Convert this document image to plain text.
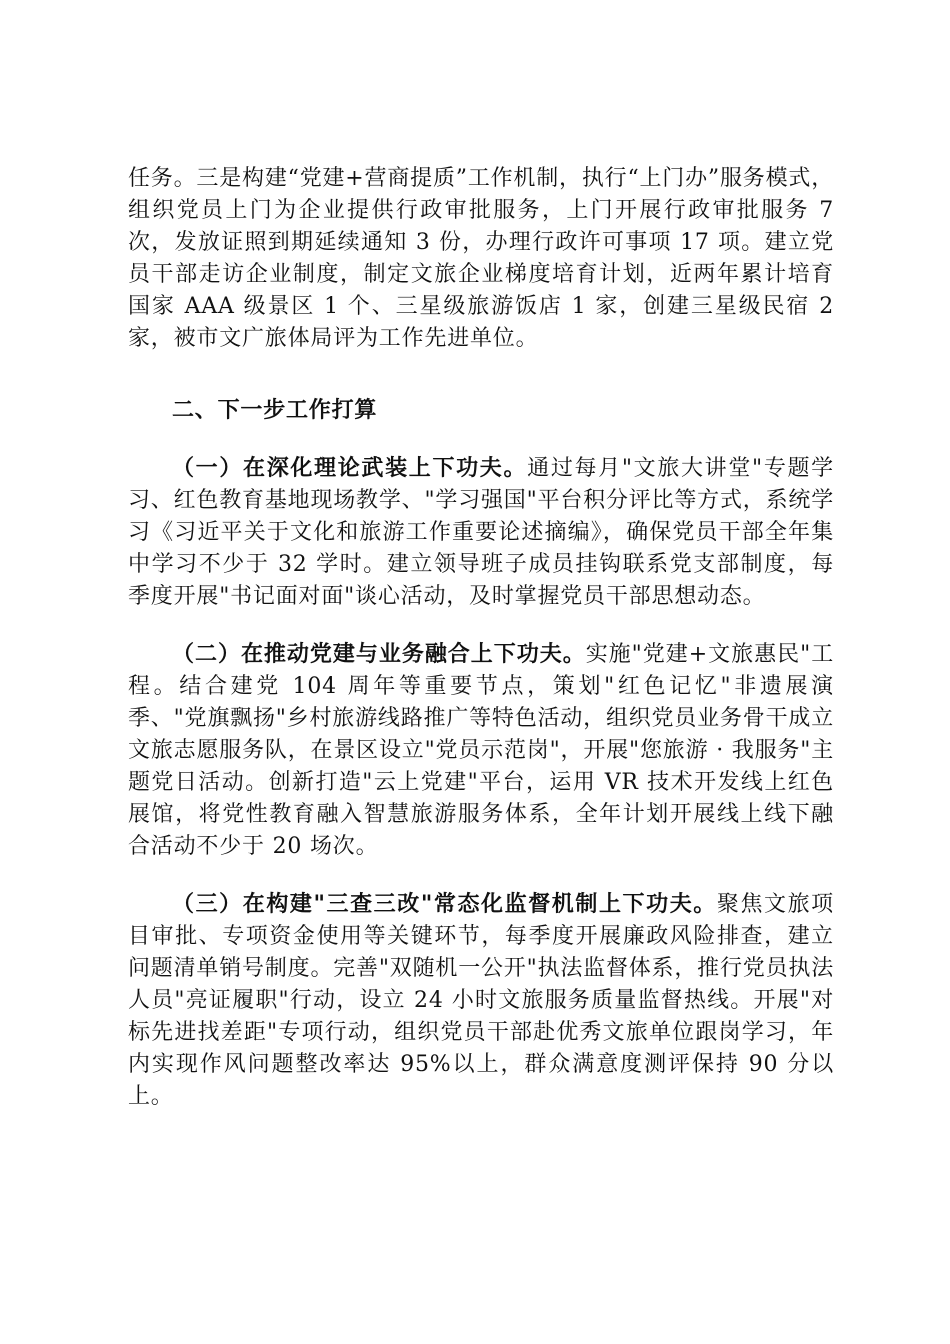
任务。三是构建“党建+营商提质”工作机制，执行“上门办”服务模式，组织党员上门为企业提供行政审批服务，上门开展行政审批服务 7 次，发放证照到期延续通知 3 份，办理行政许可事项 17 项。建立党员干部走访企业制度，制定文旅企业梯度培育计划，近两年累计培育国家 AAA 级景区 1 个、三星级旅游饭店 1 家，创建三星级民宿 2 家，被市文广旅体局评为工作先进单位。

二、下一步工作打算

（一）在深化理论武装上下功夫。通过每月"文旅大讲堂"专题学习、红色教育基地现场教学、"学习强国"平台积分评比等方式，系统学习《习近平关于文化和旅游工作重要论述摘编》，确保党员干部全年集中学习不少于 32 学时。建立领导班子成员挂钩联系党支部制度，每季度开展"书记面对面"谈心活动，及时掌握党员干部思想动态。

（二）在推动党建与业务融合上下功夫。实施"党建+文旅惠民"工程。结合建党 104 周年等重要节点，策划"红色记忆"非遗展演季、"党旗飘扬"乡村旅游线路推广等特色活动，组织党员业务骨干成立文旅志愿服务队，在景区设立"党员示范岗"，开展"您旅游 · 我服务"主题党日活动。创新打造"云上党建"平台，运用 VR 技术开发线上红色展馆，将党性教育融入智慧旅游服务体系，全年计划开展线上线下融合活动不少于 20 场次。

（三）在构建"三查三改"常态化监督机制上下功夫。聚焦文旅项目审批、专项资金使用等关键环节，每季度开展廉政风险排查，建立问题清单销号制度。完善"双随机一公开"执法监督体系，推行党员执法人员"亮证履职"行动，设立 24 小时文旅服务质量监督热线。开展"对标先进找差距"专项行动，组织党员干部赴优秀文旅单位跟岗学习，年内实现作风问题整改率达 95%以上，群众满意度测评保持 90 分以上。
